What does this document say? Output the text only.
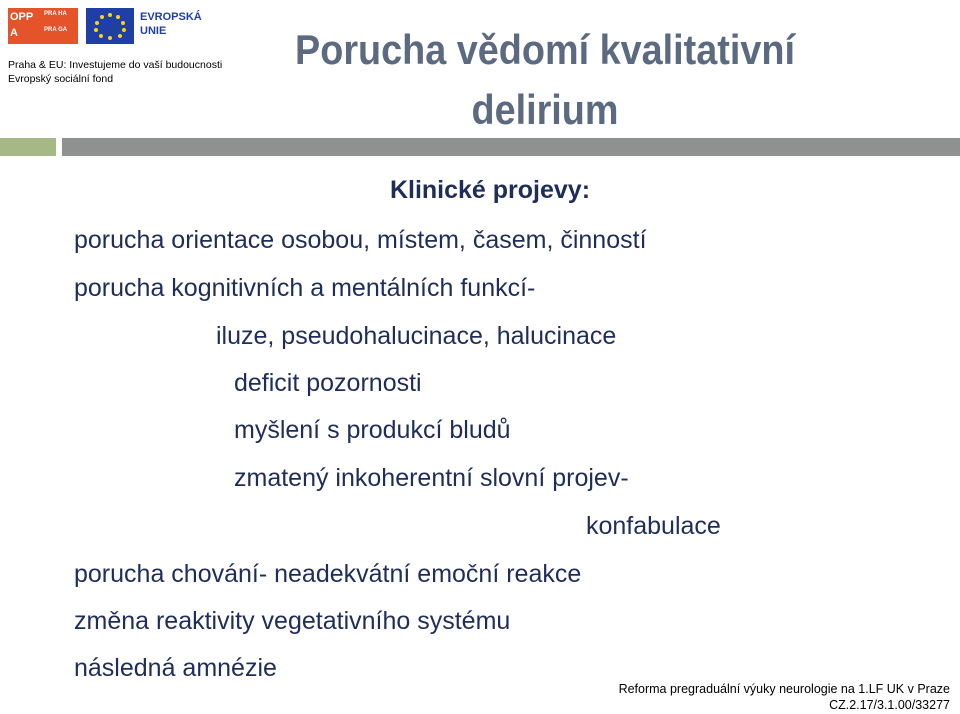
OPP	PRA HA
A	PRA GA
EVROPSKÁ
UNIE
Praha & EU: Investujeme do vaší budoucnosti
Evropský sociální fond
Porucha vědomí kvalitativní
delirium
Klinické projevy:
porucha orientace osobou, místem, časem, činností
porucha kognitivních a mentálních funkcí-
iluze, pseudohalucinace, halucinace
deficit pozornosti
myšlení s produkcí bludů
zmatený inkoherentní slovní projev-
konfabulace
porucha chování- neadekvátní emoční reakce
změna reaktivity vegetativního systému
následná amnézie
Reforma pregraduální výuky neurologie na 1.LF UK v Praze
CZ.2.17/3.1.00/33277
